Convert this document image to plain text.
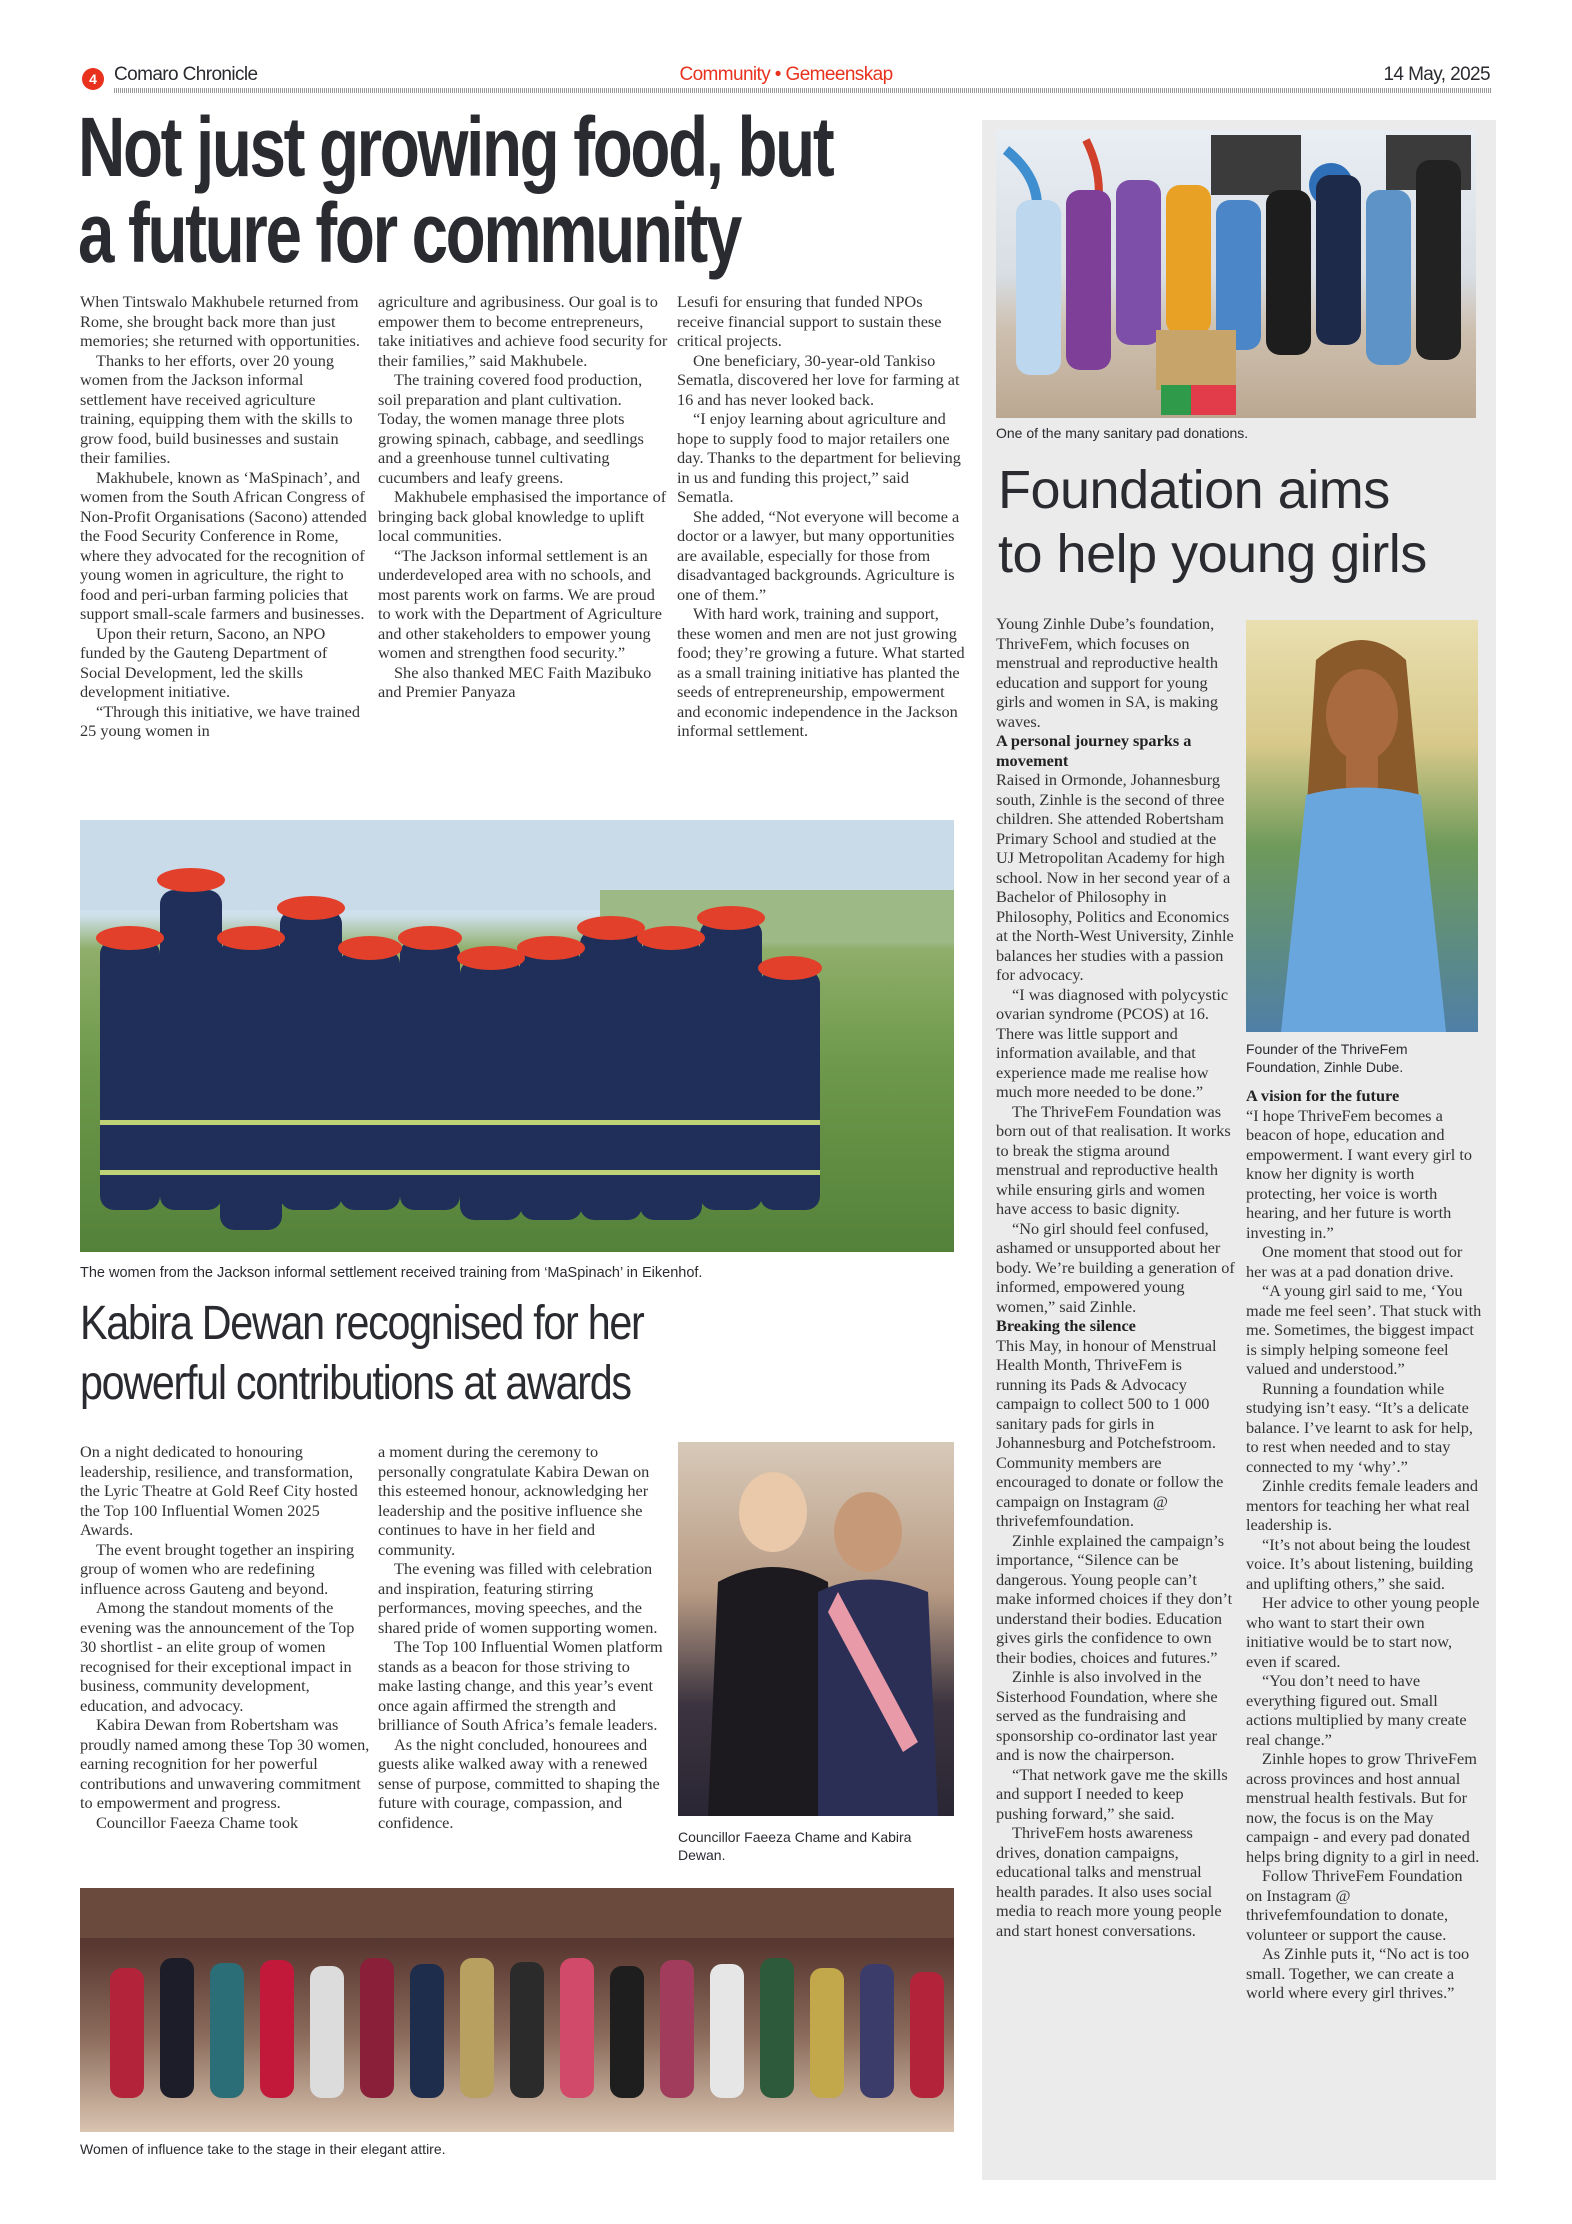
4 Comaro Chronicle	Community • Gemeenskap	14 May, 2025
Not just growing food, but
a future for community

When Tintswalo Makhubele returned from Rome, she brought back more than just memories; she returned with opportunities.

Thanks to her efforts, over 20 young women from the Jackson informal settlement have received agriculture training, equipping them with the skills to grow food, build businesses and sustain their families.

Makhubele, known as ‘MaSpinach’, and women from the South African Congress of Non-Profit Organisations (Sacono) attended the Food Security Conference in Rome, where they advocated for the recognition of young women in agriculture, the right to food and peri-urban farming policies that support small-scale farmers and businesses.

Upon their return, Sacono, an NPO funded by the Gauteng Department of Social Development, led the skills development initiative.

“Through this initiative, we have trained 25 young women in

agriculture and agribusiness. Our goal is to empower them to become entrepreneurs, take initiatives and achieve food security for their families,” said Makhubele.

The training covered food production, soil preparation and plant cultivation. Today, the women manage three plots growing spinach, cabbage, and seedlings and a greenhouse tunnel cultivating cucumbers and leafy greens.

Makhubele emphasised the importance of bringing back global knowledge to uplift local communities.

“The Jackson informal settlement is an underdeveloped area with no schools, and most parents work on farms. We are proud to work with the Department of Agriculture and other stakeholders to empower young women and strengthen food security.”

She also thanked MEC Faith Mazibuko and Premier Panyaza

Lesufi for ensuring that funded NPOs receive financial support to sustain these critical projects.

One beneficiary, 30-year-old Tankiso Sematla, discovered her love for farming at 16 and has never looked back.

“I enjoy learning about agriculture and hope to supply food to major retailers one day. Thanks to the department for believing in us and funding this project,” said Sematla.

She added, “Not everyone will become a doctor or a lawyer, but many opportunities are available, especially for those from disadvantaged backgrounds. Agriculture is one of them.”

With hard work, training and support, these women and men are not just growing food; they’re growing a future. What started as a small training initiative has planted the seeds of entrepreneurship, empowerment and economic independence in the Jackson informal settlement.

The women from the Jackson informal settlement received training from ‘MaSpinach’ in Eikenhof.
Kabira Dewan recognised for her
powerful contributions at awards

On a night dedicated to honouring leadership, resilience, and transformation, the Lyric Theatre at Gold Reef City hosted the Top 100 Influential Women 2025 Awards.

The event brought together an inspiring group of women who are redefining influence across Gauteng and beyond.

Among the standout moments of the evening was the announcement of the Top 30 shortlist - an elite group of women recognised for their exceptional impact in business, community development, education, and advocacy.

Kabira Dewan from Robertsham was proudly named among these Top 30 women, earning recognition for her powerful contributions and unwavering commitment to empowerment and progress.

Councillor Faeeza Chame took

a moment during the ceremony to personally congratulate Kabira Dewan on this esteemed honour, acknowledging her leadership and the positive influence she continues to have in her field and community.

The evening was filled with celebration and inspiration, featuring stirring performances, moving speeches, and the shared pride of women supporting women.

The Top 100 Influential Women platform stands as a beacon for those striving to make lasting change, and this year’s event once again affirmed the strength and brilliance of South Africa’s female leaders.

As the night concluded, honourees and guests alike walked away with a renewed sense of purpose, committed to shaping the future with courage, compassion, and confidence.

Councillor Faeeza Chame and Kabira Dewan.
Women of influence take to the stage in their elegant attire.
One of the many sanitary pad donations.
Foundation aims
to help young girls

Young Zinhle Dube’s foundation, ThriveFem, which focuses on menstrual and reproductive health education and support for young girls and women in SA, is making waves.

A personal journey sparks a movement

Raised in Ormonde, Johannesburg south, Zinhle is the second of three children. She attended Robertsham Primary School and studied at the UJ Metropolitan Academy for high school. Now in her second year of a Bachelor of Philosophy in Philosophy, Politics and Economics at the North-West University, Zinhle balances her studies with a passion for advocacy.

“I was diagnosed with polycystic ovarian syndrome (PCOS) at 16. There was little support and information available, and that experience made me realise how much more needed to be done.”

The ThriveFem Foundation was born out of that realisation. It works to break the stigma around menstrual and reproductive health while ensuring girls and women have access to basic dignity.

“No girl should feel confused, ashamed or unsupported about her body. We’re building a generation of informed, empowered young women,” said Zinhle.

Breaking the silence

This May, in honour of Menstrual Health Month, ThriveFem is running its Pads & Advocacy campaign to collect 500 to 1 000 sanitary pads for girls in Johannesburg and Potchefstroom. Community members are encouraged to donate or follow the campaign on Instagram @ thrivefemfoundation.

Zinhle explained the campaign’s importance, “Silence can be dangerous. Young people can’t make informed choices if they don’t understand their bodies. Education gives girls the confidence to own their bodies, choices and futures.”

Zinhle is also involved in the Sisterhood Foundation, where she served as the fundraising and sponsorship co-ordinator last year and is now the chairperson.

“That network gave me the skills and support I needed to keep pushing forward,” she said.

ThriveFem hosts awareness drives, donation campaigns, educational talks and menstrual health parades. It also uses social media to reach more young people and start honest conversations.

Founder of the ThriveFem Foundation, Zinhle Dube.
A vision for the future

“I hope ThriveFem becomes a beacon of hope, education and empowerment. I want every girl to know her dignity is worth protecting, her voice is worth hearing, and her future is worth investing in.”

One moment that stood out for her was at a pad donation drive.

“A young girl said to me, ‘You made me feel seen’. That stuck with me. Sometimes, the biggest impact is simply helping someone feel valued and understood.”

Running a foundation while studying isn’t easy. “It’s a delicate balance. I’ve learnt to ask for help, to rest when needed and to stay connected to my ‘why’.”

Zinhle credits female leaders and mentors for teaching her what real leadership is.

“It’s not about being the loudest voice. It’s about listening, building and uplifting others,” she said.

Her advice to other young people who want to start their own initiative would be to start now, even if scared.

“You don’t need to have everything figured out. Small actions multiplied by many create real change.”

Zinhle hopes to grow ThriveFem across provinces and host annual menstrual health festivals. But for now, the focus is on the May campaign - and every pad donated helps bring dignity to a girl in need.

Follow ThriveFem Foundation on Instagram @ thrivefemfoundation to donate, volunteer or support the cause.

As Zinhle puts it, “No act is too small. Together, we can create a world where every girl thrives.”
